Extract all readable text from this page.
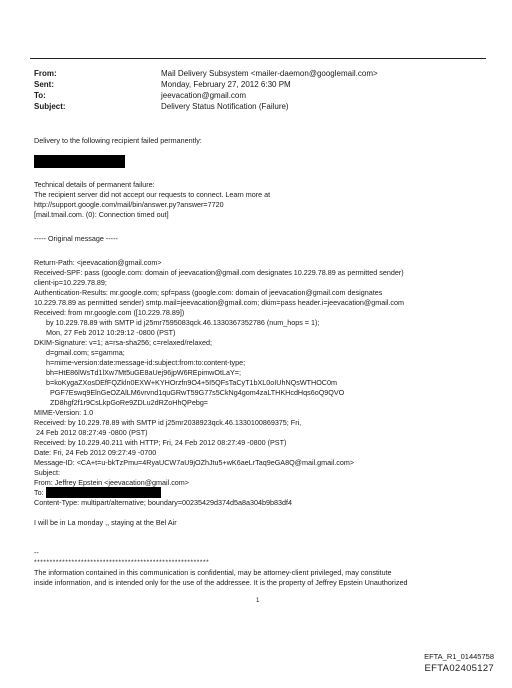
From:	Mail Delivery Subsystem <mailer-daemon@googlemail.com>
Sent:	Monday, February 27, 2012 6:30 PM
To:	jeevacation@gmail.com
Subject:	Delivery Status Notification (Failure)
Delivery to the following recipient failed permanently:
Technical details of permanent failure:
The recipient server did not accept our requests to connect. Learn more at
http://support.google.com/mail/bin/answer.py?answer=7720
[mail.tmail.com. (0): Connection timed out]
----- Original message -----
Return-Path: <jeevacation@gmail.com>
Received-SPF: pass (google.com: domain of jeevacation@gmail.com designates 10.229.78.89 as permitted sender)
client-ip=10.229.78.89;
Authentication-Results: mr.google.com; spf=pass (google.com: domain of jeevacation@gmail.com designates
10.229.78.89 as permitted sender) smtp.mail=jeevacation@gmail.com; dkim=pass header.i=jeevacation@gmail.com
Received: from mr.google.com ([10.229.78.89])
by 10.229.78.89 with SMTP id j25mr7595083qck.46.1330367352786 (num_hops = 1);
Mon, 27 Feb 2012 10:29:12 -0800 (PST)
DKIM-Signature: v=1; a=rsa-sha256; c=relaxed/relaxed;
d=gmail.com; s=gamma;
h=mime-version:date:message-id:subject:from:to:content-type;
bh=HtE86lWsTd1lXw7Mt5uGE8aUej96jpW6REpimwOtLaY=;
b=koKygaZXosDEfFQZkln0EXW+KYHOrzfn9O4+5I5QFsTaCyT1bXL0oIUhNQsWTHOC0m
PGF7Eswq9ElnGeOZAlLM6vrvnd1quGRwT59G77s5CkNg4gom4zaLTHKHcdHqs6oQ9QVO
ZD8hgf2f1r9CsLkpGoRe9ZDLu2dRZoHhQPebg=
MIME-Version: 1.0
Received: by 10.229.78.89 with SMTP id j25mr2038923qck.46.1330100869375; Fri,
24 Feb 2012 08:27:49 -0800 (PST)
Received: by 10.229.40.211 with HTTP; Fri, 24 Feb 2012 08:27:49 -0800 (PST)
Date: Fri, 24 Feb 2012 09:27:49 -0700
Message-ID: <CA+t=u-bkTzPmu=4RyaUCW7aU9jOZhJtu5+wK6aeLrTaq9eGA8Q@mail.gmail.com>
Subject:
From: Jeffrey Epstein <jeevacation@gmail.com>
To:
Content-Type: multipart/alternative; boundary=00235429d374d5a8a304b9b83df4
I will be in La monday ,, staying at the Bel Air
--
********************************************************
The information contained in this communication is confidential, may be attorney-client privileged, may constitute
inside information, and is intended only for the use of the addressee. It is the property of Jeffrey Epstein Unauthorized
1
EFTA_R1_01445758
EFTA02405127
